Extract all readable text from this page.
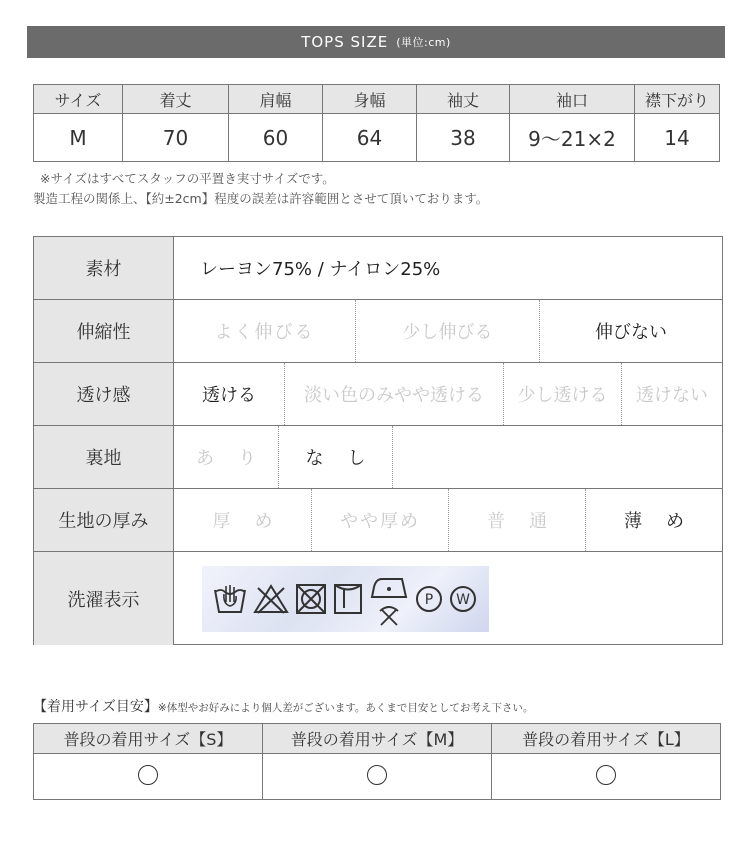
TOPS SIZE (単位:cm)
サイズ	着丈	肩幅	身幅	袖丈	袖口	襟下がり
M	70	60	64	38	9〜21×2	14
※サイズはすべてスタッフの平置き実寸サイズです。
製造工程の関係上、【約±2cm】程度の誤差は許容範囲とさせて頂いております。
素材	レーヨン75% / ナイロン25%
伸縮性	よく伸びる	少し伸びる	伸びない
透け感	透ける	淡い色のみやや透ける	少し透ける	透けない
裏地	あり	なし
生地の厚み	厚め	やや厚め	普通	薄め
洗濯表示	P W
【着用サイズ目安】※体型やお好みにより個人差がございます。あくまで目安としてお考え下さい。
普段の着用サイズ【S】	普段の着用サイズ【M】	普段の着用サイズ【L】
